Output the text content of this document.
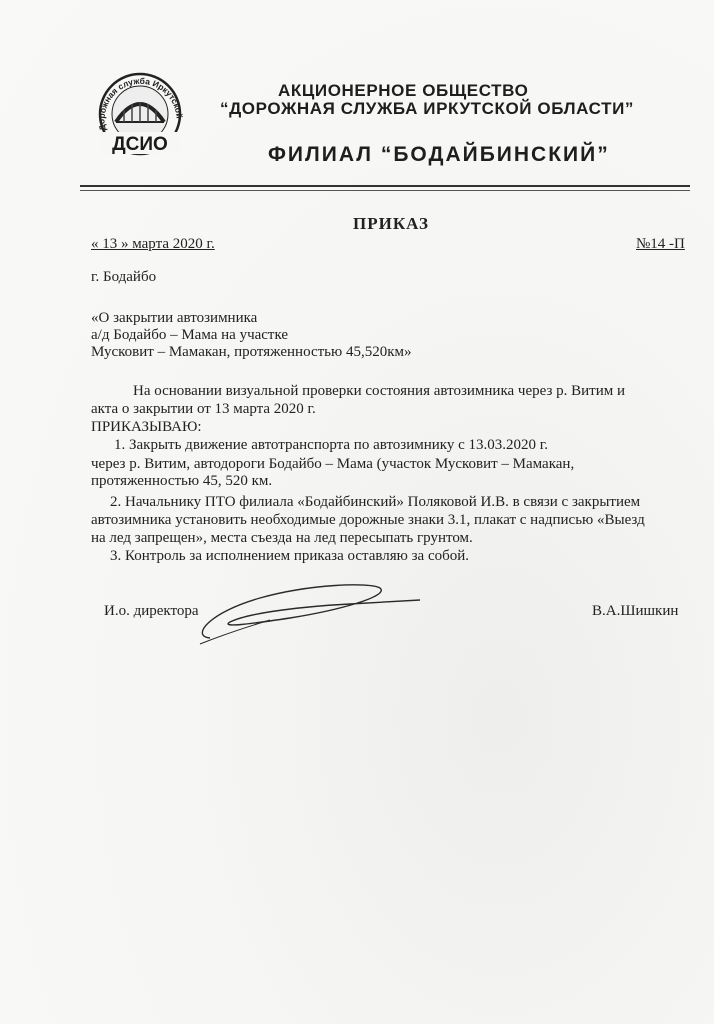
Дорожная служба Иркутской
ДСИО
АКЦИОНЕРНОЕ ОБЩЕСТВО
“ДОРОЖНАЯ СЛУЖБА ИРКУТСКОЙ ОБЛАСТИ”
ФИЛИАЛ “БОДАЙБИНСКИЙ”
ПРИКАЗ
« 13 » марта 2020 г.	№14 -П
г. Бодайбо
«О закрытии автозимника
а/д Бодайбо – Мама на участке
Мусковит – Мамакан, протяженностью 45,520км»
На основании визуальной проверки состояния автозимника через р. Витим и
акта о закрытии от 13 марта 2020 г.
ПРИКАЗЫВАЮ:
1. Закрыть движение автотранспорта по автозимнику с 13.03.2020 г.
через р. Витим, автодороги Бодайбо – Мама (участок Мусковит – Мамакан,
протяженностью 45, 520 км.
2. Начальнику ПТО филиала «Бодайбинский» Поляковой И.В. в связи с закрытием
автозимника установить необходимые дорожные знаки 3.1, плакат с надписью «Выезд
на лед запрещен», места съезда на лед пересыпать грунтом.
3. Контроль за исполнением приказа оставляю за собой.
И.о. директора	В.А.Шишкин
